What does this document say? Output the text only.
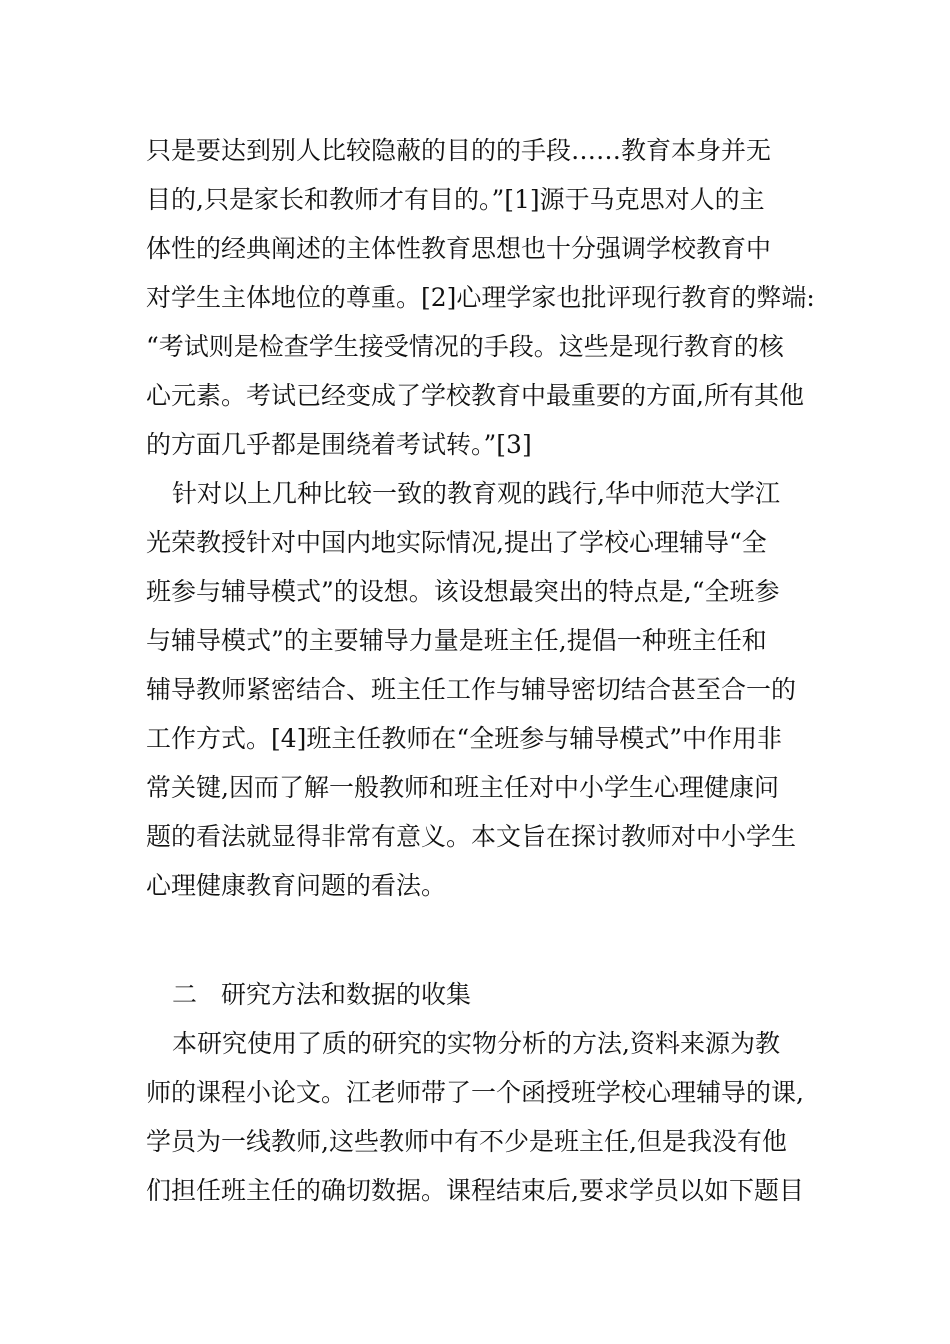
只是要达到别人比较隐蔽的目的的手段……教育本身并无
目的,只是家长和教师才有目的。”[1]源于马克思对人的主
体性的经典阐述的主体性教育思想也十分强调学校教育中
对学生主体地位的尊重。[2]心理学家也批评现行教育的弊端:
“考试则是检查学生接受情况的手段。这些是现行教育的核
心元素。考试已经变成了学校教育中最重要的方面,所有其他
的方面几乎都是围绕着考试转。”[3]
针对以上几种比较一致的教育观的践行,华中师范大学江
光荣教授针对中国内地实际情况,提出了学校心理辅导“全
班参与辅导模式”的设想。该设想最突出的特点是,“全班参
与辅导模式”的主要辅导力量是班主任,提倡一种班主任和
辅导教师紧密结合、班主任工作与辅导密切结合甚至合一的
工作方式。[4]班主任教师在“全班参与辅导模式”中作用非
常关键,因而了解一般教师和班主任对中小学生心理健康问
题的看法就显得非常有意义。本文旨在探讨教师对中小学生
心理健康教育问题的看法。
二 研究方法和数据的收集
本研究使用了质的研究的实物分析的方法,资料来源为教
师的课程小论文。江老师带了一个函授班学校心理辅导的课,
学员为一线教师,这些教师中有不少是班主任,但是我没有他
们担任班主任的确切数据。课程结束后,要求学员以如下题目
